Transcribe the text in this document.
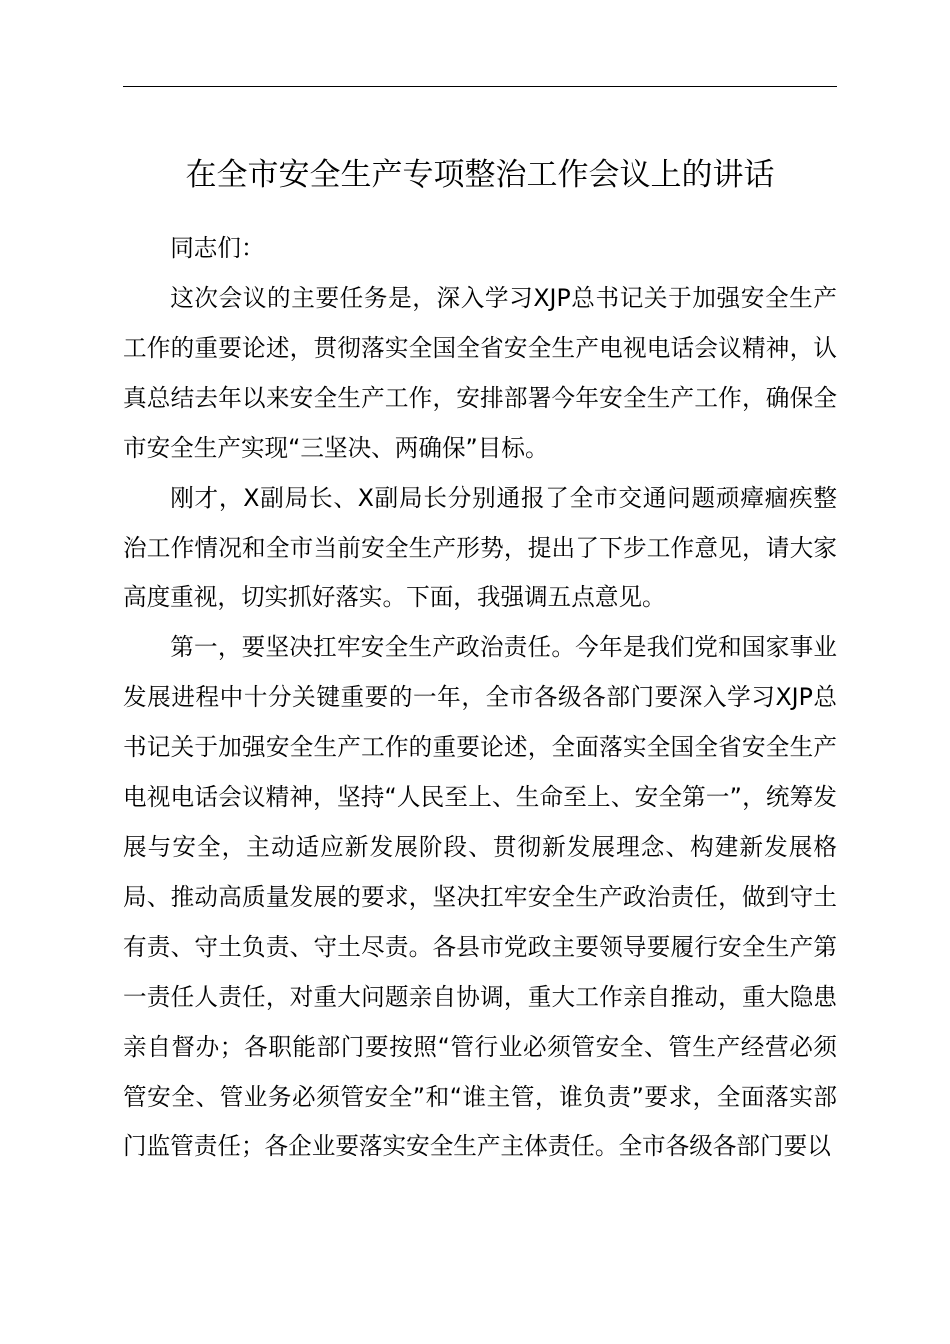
在全市安全生产专项整治工作会议上的讲话

同志们：

这次会议的主要任务是，深入学习XJP总书记关于加强安全生产工作的重要论述，贯彻落实全国全省安全生产电视电话会议精神，认真总结去年以来安全生产工作，安排部署今年安全生产工作，确保全市安全生产实现“三坚决、两确保”目标。

刚才，X副局长、X副局长分别通报了全市交通问题顽瘴痼疾整治工作情况和全市当前安全生产形势，提出了下步工作意见，请大家高度重视，切实抓好落实。下面，我强调五点意见。

第一，要坚决扛牢安全生产政治责任。今年是我们党和国家事业发展进程中十分关键重要的一年，全市各级各部门要深入学习XJP总书记关于加强安全生产工作的重要论述，全面落实全国全省安全生产电视电话会议精神，坚持“人民至上、生命至上、安全第一”，统筹发展与安全，主动适应新发展阶段、贯彻新发展理念、构建新发展格局、推动高质量发展的要求，坚决扛牢安全生产政治责任，做到守土有责、守土负责、守土尽责。各县市党政主要领导要履行安全生产第一责任人责任，对重大问题亲自协调，重大工作亲自推动，重大隐患亲自督办；各职能部门要按照“管行业必须管安全、管生产经营必须管安全、管业务必须管安全”和“谁主管，谁负责”要求，全面落实部门监管责任；各企业要落实安全生产主体责任。全市各级各部门要以
